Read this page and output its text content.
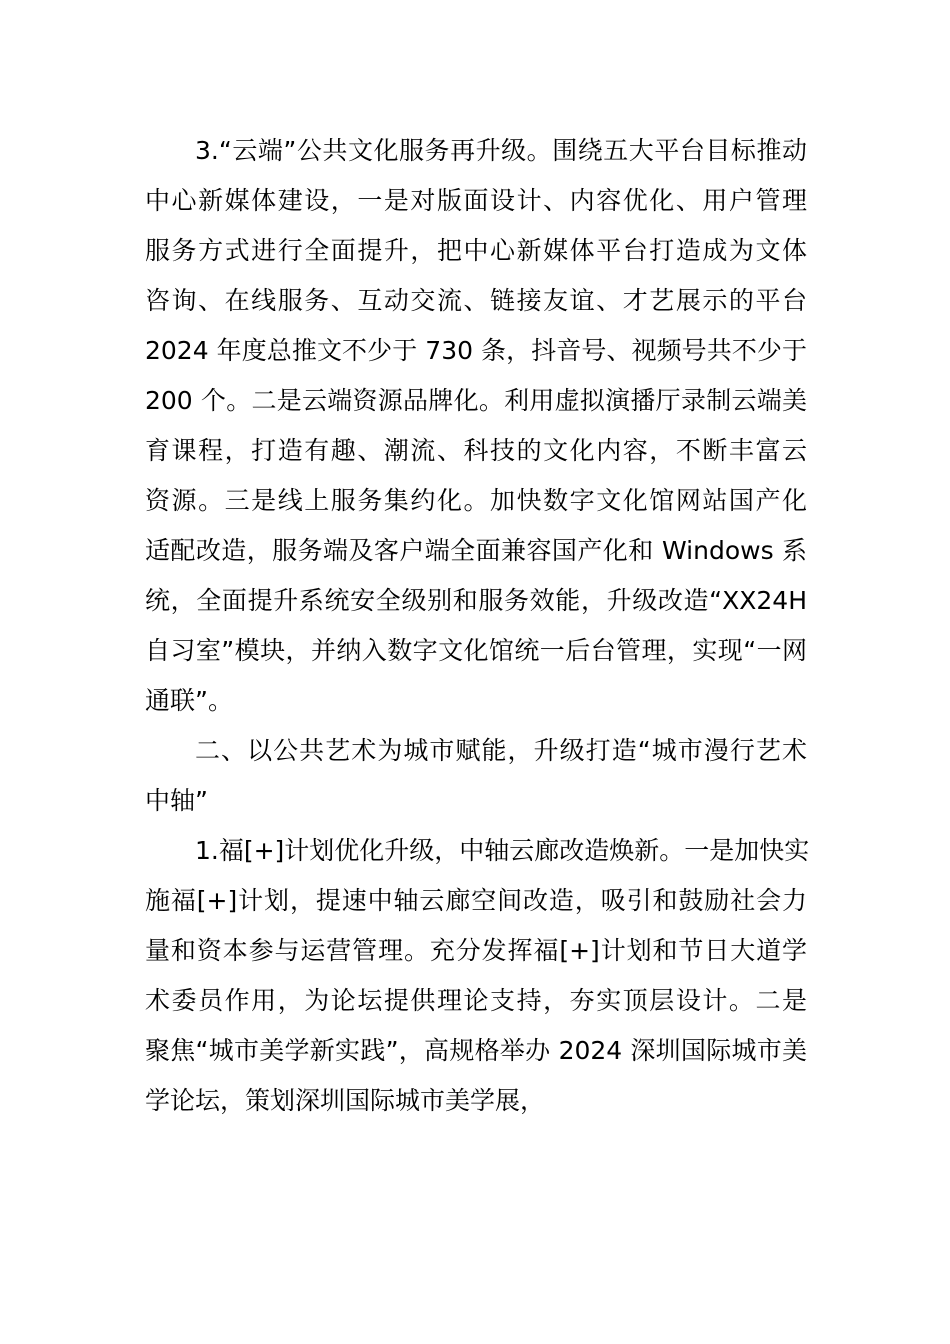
3.“云端”公共文化服务再升级。围绕五大平台目标推动
中心新媒体建设，一是对版面设计、内容优化、用户管理
服务方式进行全面提升，把中心新媒体平台打造成为文体
咨询、在线服务、互动交流、链接友谊、才艺展示的平台
2024 年度总推文不少于 730 条，抖音号、视频号共不少于
200 个。二是云端资源品牌化。利用虚拟演播厅录制云端美
育课程，打造有趣、潮流、科技的文化内容，不断丰富云
资源。三是线上服务集约化。加快数字文化馆网站国产化
适配改造，服务端及客户端全面兼容国产化和 Windows 系
统，全面提升系统安全级别和服务效能，升级改造“XX24H
自习室”模块，并纳入数字文化馆统一后台管理，实现“一网
通联”。
二、以公共艺术为城市赋能，升级打造“城市漫行艺术
中轴”
1.福[+]计划优化升级，中轴云廊改造焕新。一是加快实
施福[+]计划，提速中轴云廊空间改造，吸引和鼓励社会力
量和资本参与运营管理。充分发挥福[+]计划和节日大道学
术委员作用，为论坛提供理论支持，夯实顶层设计。二是
聚焦“城市美学新实践”，高规格举办 2024 深圳国际城市美
学论坛，策划深圳国际城市美学展，
